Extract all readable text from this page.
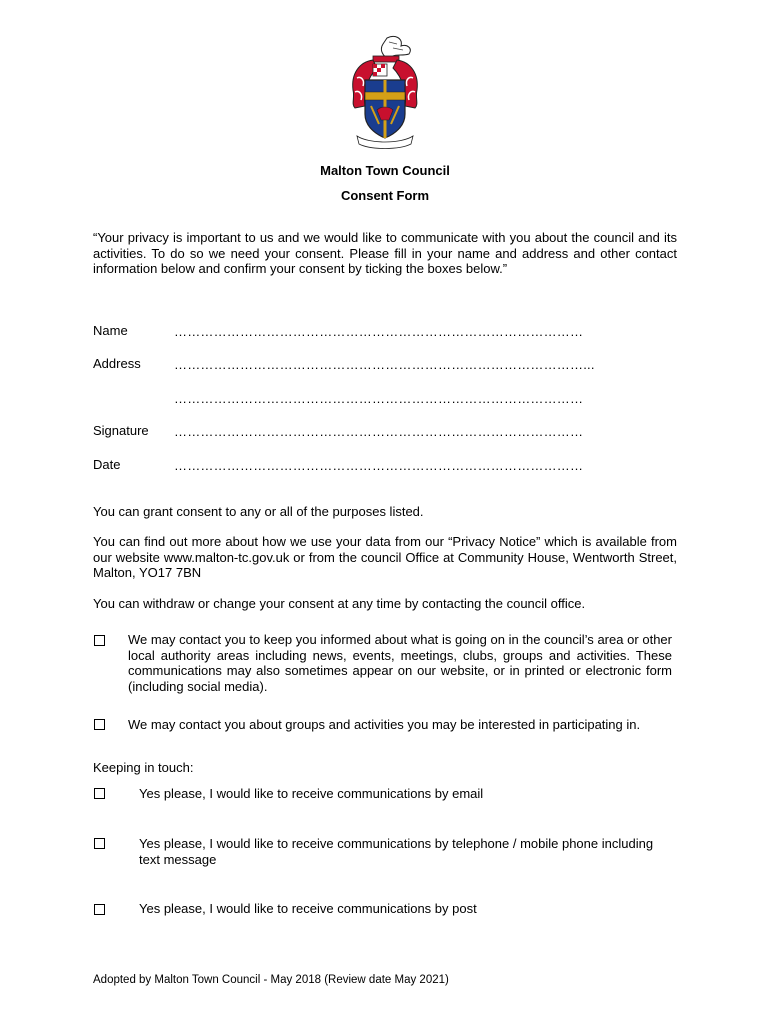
Malton Town Council
Consent Form
“Your privacy is important to us and we would like to communicate with you about the council and its activities. To do so we need your consent. Please fill in your name and address and other contact information below and confirm your consent by ticking the boxes below.”
Name	…………………………………………………………………………………
Address	…………………………………………………………………………………...
…………………………………………………………………………………
Signature …………………………………………………………………………………
Date	…………………………………………………………………………………
You can grant consent to any or all of the purposes listed.
You can find out more about how we use your data from our “Privacy Notice” which is available from our website www.malton-tc.gov.uk or from the council Office at Community House, Wentworth Street, Malton, YO17 7BN
You can withdraw or change your consent at any time by contacting the council office.
We may contact you to keep you informed about what is going on in the council’s area or other local authority areas including news, events, meetings, clubs, groups and activities. These communications may also sometimes appear on our website, or in printed or electronic form (including social media).
We may contact you about groups and activities you may be interested in participating in.
Keeping in touch:
Yes please, I would like to receive communications by email
Yes please, I would like to receive communications by telephone / mobile phone including text message
Yes please, I would like to receive communications by post
Adopted by Malton Town Council - May 2018 (Review date May 2021)
